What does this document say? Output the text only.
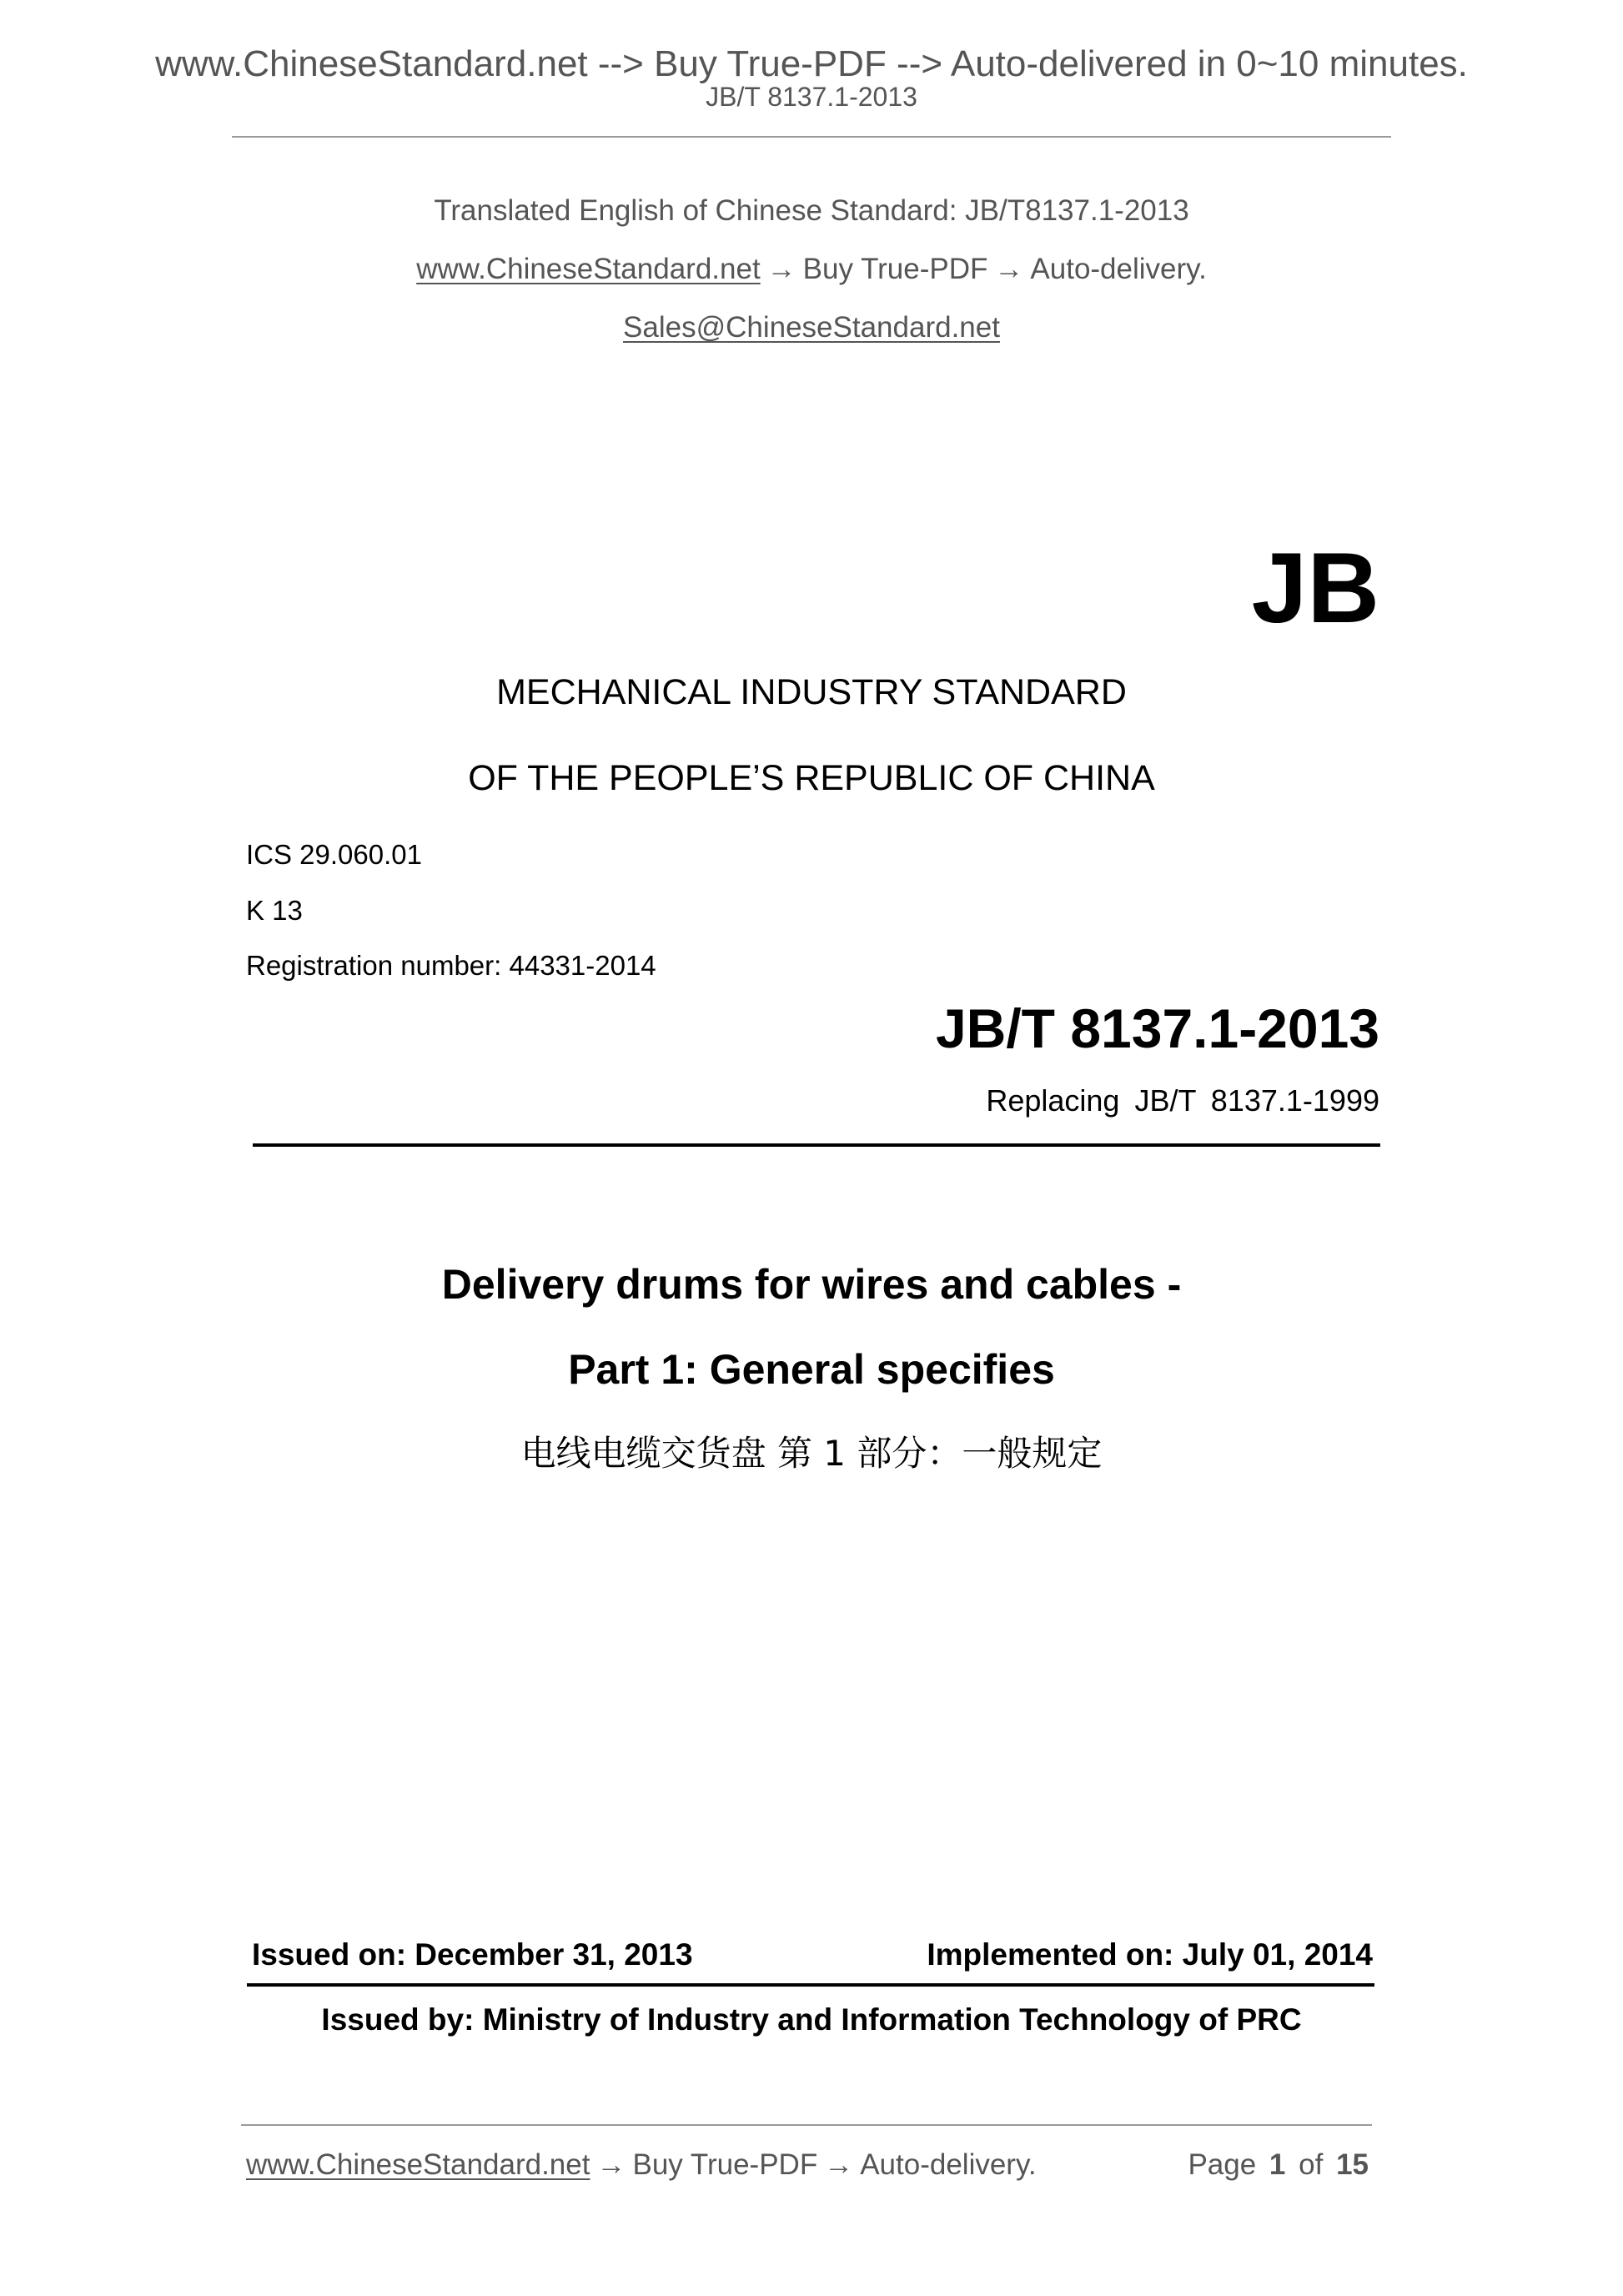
www.ChineseStandard.net --> Buy True-PDF --> Auto-delivered in 0~10 minutes.
JB/T 8137.1-2013
Translated English of Chinese Standard: JB/T8137.1-2013
www.ChineseStandard.net → Buy True-PDF → Auto-delivery.
Sales@ChineseStandard.net
JB
MECHANICAL INDUSTRY STANDARD
OF THE PEOPLE’S REPUBLIC OF CHINA
ICS 29.060.01
K 13
Registration number: 44331-2014
JB/T 8137.1-2013
Replacing JB/T 8137.1-1999
Delivery drums for wires and cables -
Part 1: General specifies
电线电缆交货盘 第 1 部分：一般规定
Issued on: December 31, 2013	Implemented on: July 01, 2014
Issued by: Ministry of Industry and Information Technology of PRC
www.ChineseStandard.net → Buy True-PDF → Auto-delivery.	Page 1 of 15
